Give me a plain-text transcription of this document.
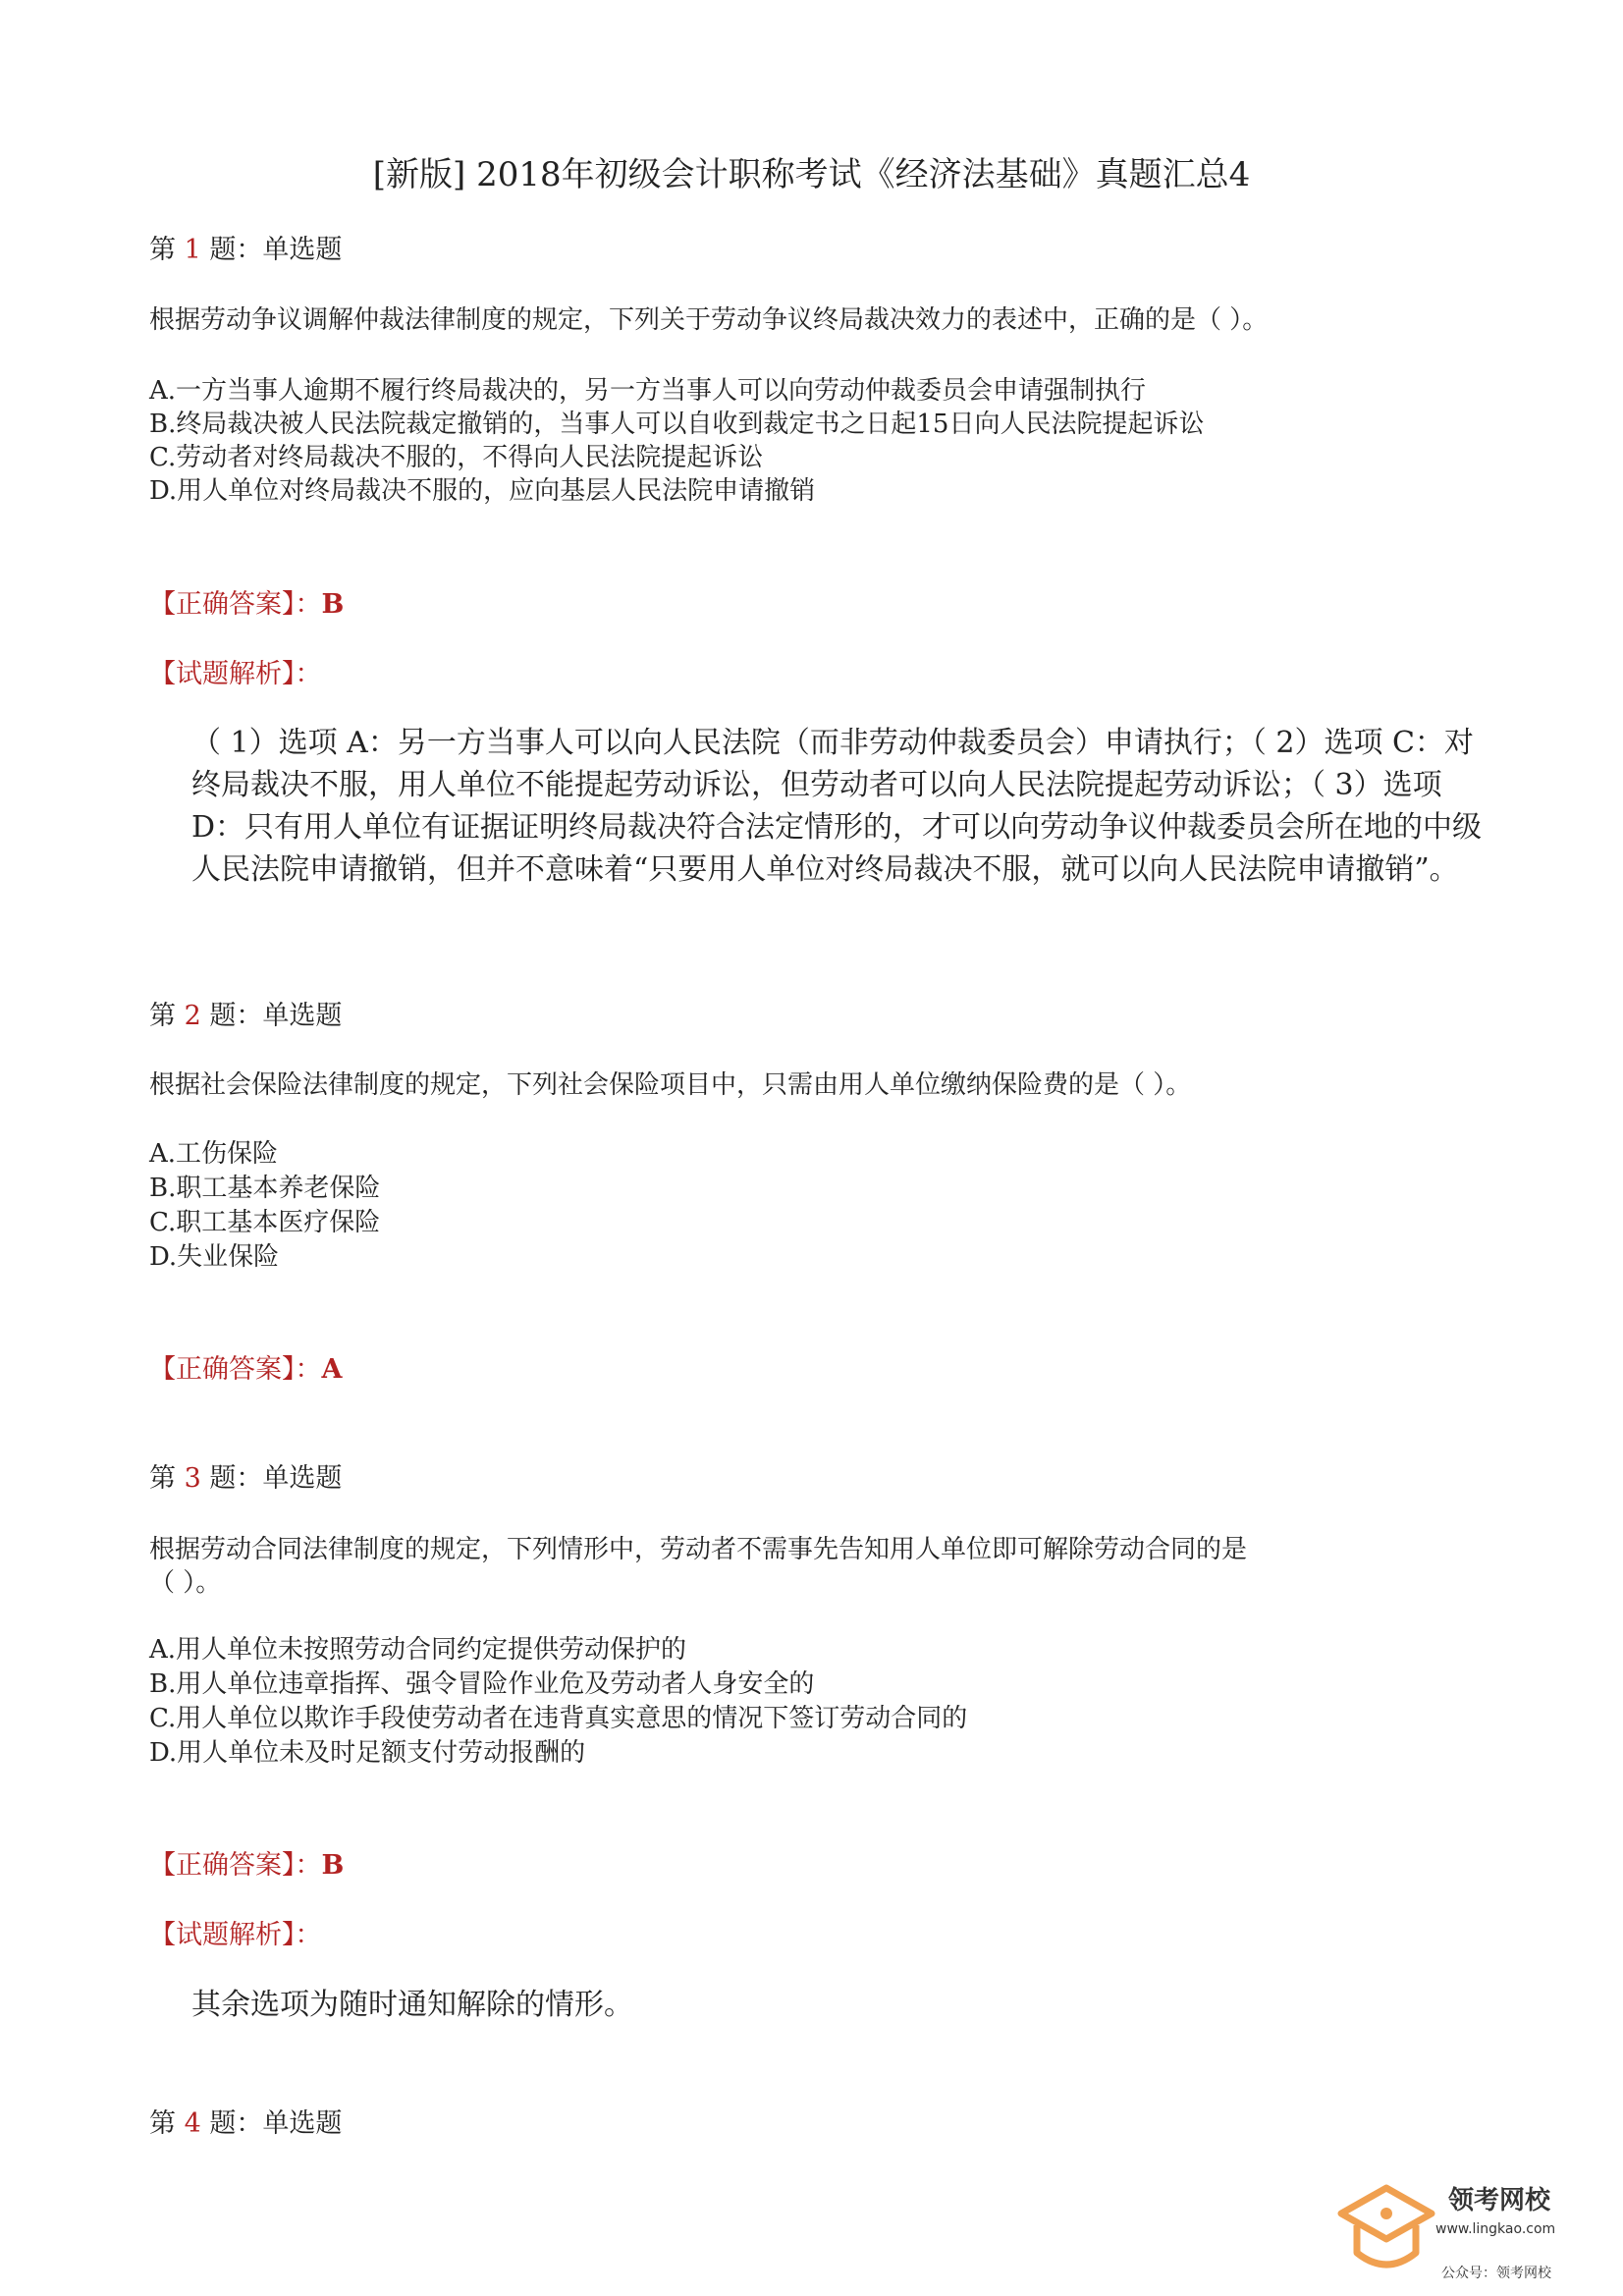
[新版] 2018年初级会计职称考试《经济法基础》真题汇总4
第 1 题：单选题
根据劳动争议调解仲裁法律制度的规定，下列关于劳动争议终局裁决效力的表述中，正确的是（ ）。
A.一方当事人逾期不履行终局裁决的，另一方当事人可以向劳动仲裁委员会申请强制执行
B.终局裁决被人民法院裁定撤销的，当事人可以自收到裁定书之日起15日向人民法院提起诉讼
C.劳动者对终局裁决不服的，不得向人民法院提起诉讼
D.用人单位对终局裁决不服的，应向基层人民法院申请撤销
【正确答案】：B
【试题解析】：
（ 1）选项 A：另一方当事人可以向人民法院（而非劳动仲裁委员会）申请执行；（ 2）选项 C：对终局裁决不服，用人单位不能提起劳动诉讼，但劳动者可以向人民法院提起劳动诉讼；（ 3）选项 D：只有用人单位有证据证明终局裁决符合法定情形的，才可以向劳动争议仲裁委员会所在地的中级人民法院申请撤销，但并不意味着“只要用人单位对终局裁决不服，就可以向人民法院申请撤销”。
第 2 题：单选题
根据社会保险法律制度的规定，下列社会保险项目中，只需由用人单位缴纳保险费的是（ ）。
A.工伤保险
B.职工基本养老保险
C.职工基本医疗保险
D.失业保险
【正确答案】：A
第 3 题：单选题
根据劳动合同法律制度的规定，下列情形中，劳动者不需事先告知用人单位即可解除劳动合同的是
（ ）。
A.用人单位未按照劳动合同约定提供劳动保护的
B.用人单位违章指挥、强令冒险作业危及劳动者人身安全的
C.用人单位以欺诈手段使劳动者在违背真实意思的情况下签订劳动合同的
D.用人单位未及时足额支付劳动报酬的
【正确答案】：B
【试题解析】：
其余选项为随时通知解除的情形。
第 4 题：单选题
领考网校
www.lingkao.com
公众号：领考网校
